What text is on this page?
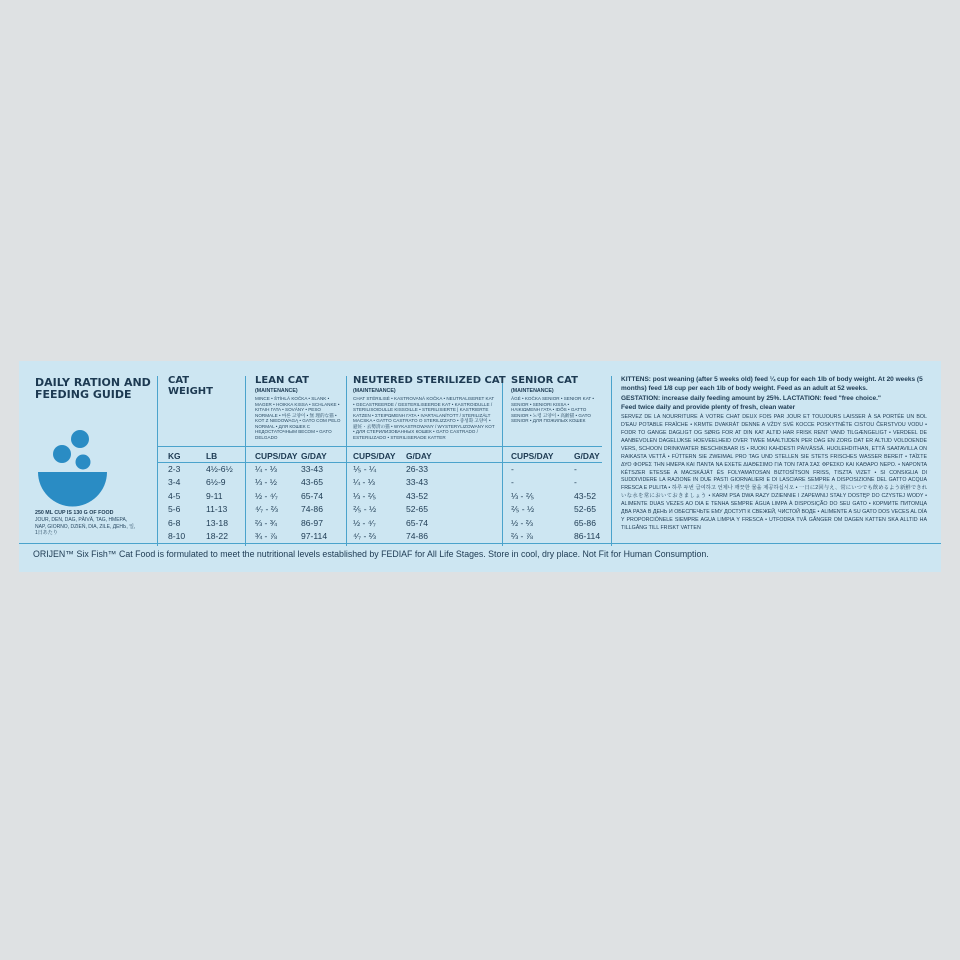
DAILY RATION AND
FEEDING GUIDE
250 ML CUP IS 130 G OF FOOD
JOUR, DEN, DAG, PÄIVÄ, TAG, HMEPA, NAP, GIORNO, DZIEŃ, DIA, ZILE, ДЕНЬ, 일, 1日あたり
CAT
WEIGHT
KG	LB
2-3
3-4
4-5
5-6
6-8
8-10
4½-6½
6½-9
9-11
11-13
13-18
18-22
LEAN CAT
(MAINTENANCE)
MINCE • ŠTÍHLÁ KOČKA • SLANK • MAGER • HOIKKA KISSA • SCHLANKE • ΚΙΤΑΙΗ ΓΑΤΑ • SOVÁNY • PESO NORMALE • 마른 고양이 • 無 理的な猫 • KOT Z NIEDOWAGĄ • GATO COM PELO NORMAL • ДЛЯ КОШЕК С НЕДОСТАТОЧНЫМ ВЕСОМ • GATO DELGADO
CUPS/DAY G/DAY
¼ - ⅓
⅓ - ½
½ - ⁴⁄₇
⁴⁄₇ - ⅔
⅔ - ¾
¾ - ⅞
33-43
43-65
65-74
74-86
86-97
97-114
NEUTERED STERILIZED CAT
(MAINTENANCE)
CHAT STÉRILISÉ • KASTROVANÁ KOČKA • NEUTRALISERET KAT • GECASTREERDE / GESTERILISEERDE KAT • KASTROIDULLE / STERILISOIDULLE KISSOILLE • STERILISIERTE | KASTRIERTE KATZEN • ΣΤΕΙΡΩΜΕΝΗ ΓΑΤΑ • IVARTALANÍTOTT / STERILIZÁLT MACSKA • GATTO CASTRATO O STERILIZZATO • 중성화 고양이 • 避妊・去勢済の猫 • WYKASTROWANY / WYSTERYLIZOWANY KOT • ДЛЯ СТЕРИЛИЗОВАННЫХ КОШЕК • GATO CASTRADO / ESTERILIZADO • STERILISERADE KATTER
CUPS/DAY G/DAY
⅕ - ¼
¼ - ⅓
⅓ - ⅖
⅖ - ½
½ - ⁴⁄₇
⁴⁄₇ - ⅔
26-33
33-43
43-52
52-65
65-74
74-86
SENIOR CAT
(MAINTENANCE)
ÂGÉ • KOČKA SENIOR • SENIOR KAT • SENIOR • SENIORI KISSA • ΗΛΙΚΙΩΜΕΝΗ ΓΑΤΑ • IDŐS • GATTO SENIOR • 노령 고양이 • 高齢猫 • GATO SENIOR • ДЛЯ ПОЖИЛЫХ КОШЕК
CUPS/DAY G/DAY
-
-
⅓ - ⅖
⅖ - ½
½ - ⅔
⅔ - ⅞
-
-
43-52
52-65
65-86
86-114
KITTENS: post weaning (after 5 weeks old) feed ¼ cup for each 1lb of body weight. At 20 weeks (5 months) feed 1/8 cup per each 1lb of body weight. Feed as an adult at 52 weeks.
GESTATION: increase daily feeding amount by 25%. LACTATION: feed "free choice."
Feed twice daily and provide plenty of fresh, clean water
SERVEZ DE LA NOURRITURE À VOTRE CHAT DEUX FOIS PAR JOUR ET TOUJOURS LAISSER À SA PORTÉE UN BOL D'EAU POTABLE FRAÎCHE • KRMTE DVAKRÁT DENNE A VŽDY SVÉ KOCCE POSKYTNĚTE CISTOU ČERSTVOU VODU • FODR TO GANGE DAGLIGT OG SØRG FOR AT DIN KAT ALTID HAR FRISK RENT VAND TILGÆNGELIGT • VERDEEL DE AANBEVOLEN DAGELIJKSE HOEVEELHEID OVER TWEE MAALTIJDEN PER DAG EN ZORG DAT ER ALTIJD VOLDOENDE VERS, SCHOON DRINKWATER BESCHIKBAAR IS • RUOKI KAHDESTI PÄIVÄSSÄ. HUOLEHDITHAN, ETTÄ SAATAVILLA ON RAIKASTA VETTÄ • FÜTTERN SIE ZWEIMAL PRO TAG UND STELLEN SIE STETS FRISCHES WASSER BEREIT • ΤΑΪΣΤΕ ΔΥΟ ΦΟΡΕΣ ΤΗΝ ΗΜΕΡΑ ΚΑΙ ΠΑΝΤΑ ΝΑ ΕΧΕΤΕ ΔΙΑΘΕΣΙΜΟ ΓΙΑ ΤΟΝ ΓΑΤΑ ΣΑΣ ΦΡΕΣΚΟ ΚΑΙ ΚΑΘΑΡΟ ΝΕΡΟ. • NAPONTA KÉTSZER ETESSE A MACSKÁJÁT ÉS FOLYAMATOSAN BIZTOSÍTSON FRISS, TISZTA VIZET • SI CONSIGLIA DI SUDDIVIDERE LA RAZIONE IN DUE PASTI GIORNALIERI E DI LASCIARE SEMPRE A DISPOSIZIONE DEL GATTO ACQUA FRESCA E PULITA • 하루 두번 급여하고 언제나 깨끗한 물을 제공하십시오 • 一日に2回与え、常にいつでも飲めるよう新鮮できれいな水を常においておきましょう • KARM PSA DWA RAZY DZIENNIE I ZAPEWNIJ STAŁY DOSTĘP DO CZYSTEJ WODY • ALIMENTE DUAS VEZES AO DIA E TENHA SEMPRE ÁGUA LIMPA À DISPOSIÇÃO DO SEU GATO • КОРМИТЕ ПИТОМЦА ДВА РАЗА В ДЕНЬ И ОБЕСПЕЧЬТЕ ЕМУ ДОСТУП К СВЕЖЕЙ, ЧИСТОЙ ВОДЕ • ALIMENTE A SU GATO DOS VECES AL DÍA Y PROPORCIÓNELE SIEMPRE AGUA LIMPIA Y FRESCA • UTFODRA TVÅ GÅNGER OM DAGEN KATTEN SKA ALLTID HA TILLGÅNG TILL FRISKT VATTEN
ORIJEN™ Six Fish™ Cat Food is formulated to meet the nutritional levels established by FEDIAF for All Life Stages. Store in cool, dry place. Not Fit for Human Consumption.
